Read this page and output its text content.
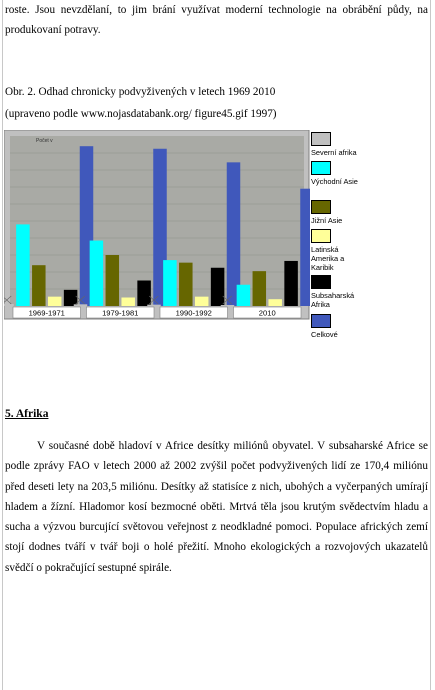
roste. Jsou nevzdělaní, to jim brání využívat moderní technologie na obrábění půdy, na produkovaní potravy.
Obr. 2. Odhad chronicky podvyživených v letech 1969 2010
(upraveno podle www.nojasdatabank.org/ figure45.gif 1997)
Počet v
1969-1971	1979-1981	1990-1992	2010
Severní afrika
Východní Asie
Jižní Asie
Latinská Amerika a Karibik
Subsaharská Afrika
Celkové
5. Afrika
V současné době hladoví v Africe desítky miliónů obyvatel. V subsaharské Africe se podle zprávy FAO v letech 2000 až 2002 zvýšil počet podvyživených lidí ze 170,4 miliónu před deseti lety na 203,5 miliónu. Desítky až statisíce z nich, ubohých a vyčerpaných umírají hladem a žízní. Hladomor kosí bezmocné oběti. Mrtvá těla jsou krutým svědectvím hladu a sucha a výzvou burcující světovou veřejnost z neodkladné pomoci. Populace afrických zemí stojí dodnes tváří v tvář boji o holé přežití. Mnoho ekologických a rozvojových ukazatelů svědčí o pokračující sestupné spirále.
